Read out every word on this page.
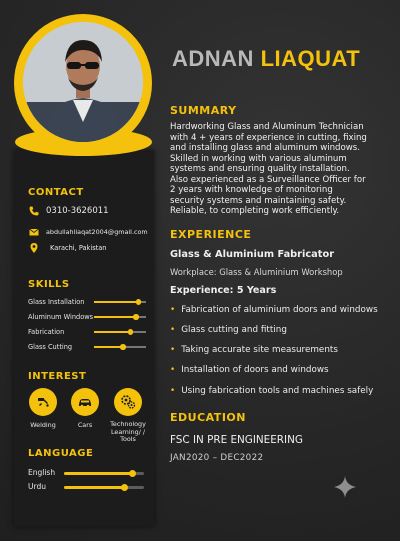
ADNAN LIAQUAT
SUMMARY
Hardworking Glass and Aluminum Technician
with 4 + years of experience in cutting, fixing
and installing glass and aluminum windows.
Skilled in working with various aluminum
systems and ensuring quality installation.
Also experienced as a Surveillance Officer for
2 years with knowledge of monitoring
security systems and maintaining safety.
Reliable, to completing work efficiently.
CONTACT
0310-3626011
abdullahliaqat2004@gmail.com
Karachi, Pakistan
SKILLS
Glass Installation
Aluminum Windows
Fabrication
Glass Cutting
INTEREST
Welding	Cars	Technology
Learning/ /
Tools
LANGUAGE
English
Urdu
EXPERIENCE
Glass & Aluminium Fabricator
Workplace: Glass & Aluminium Workshop
Experience: 5 Years
• Fabrication of aluminium doors and windows
• Glass cutting and fitting
• Taking accurate site measurements
• Installation of doors and windows
• Using fabrication tools and machines safely
EDUCATION
FSC IN PRE ENGINEERING
JAN2020 – DEC2022
